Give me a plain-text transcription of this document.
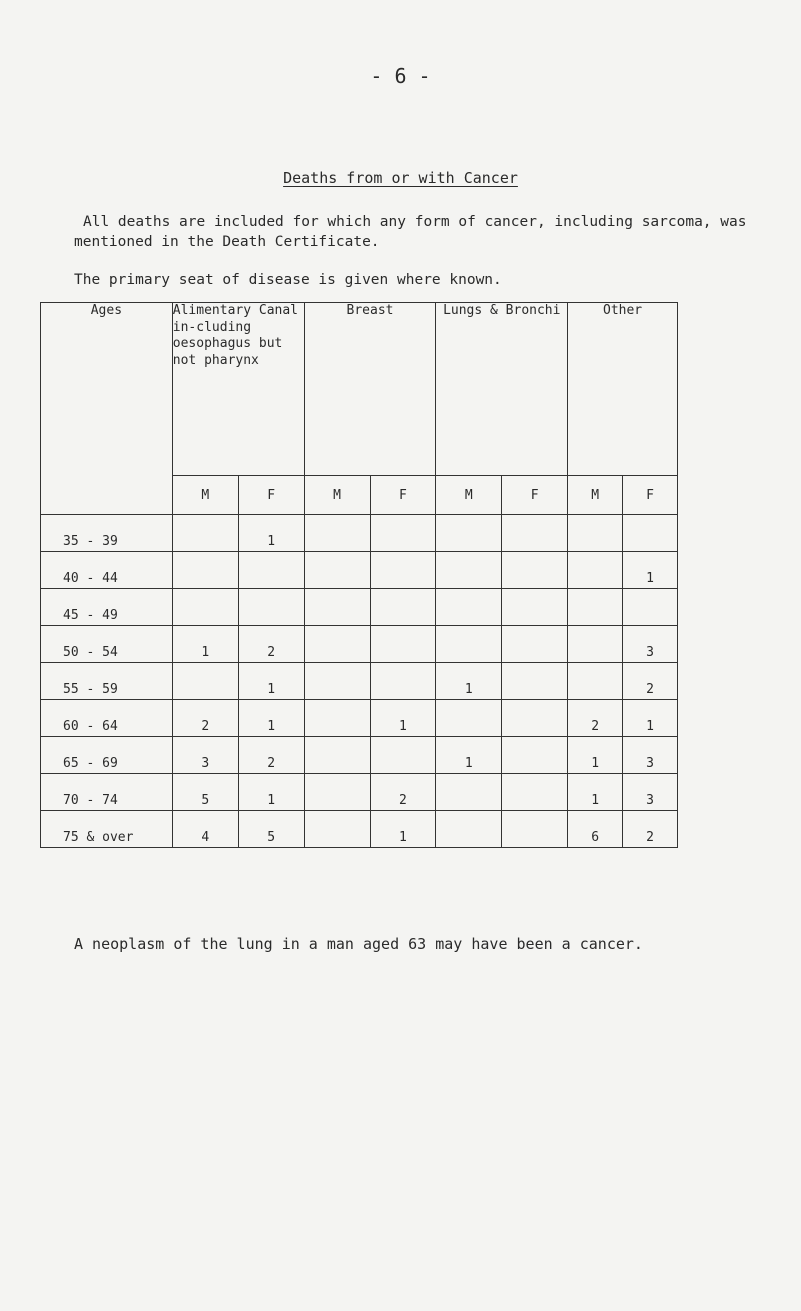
- 6 -
Deaths from or with Cancer

All deaths are included for which any form of cancer, including sarcoma, was mentioned in the Death Certificate.

The primary seat of disease is given where known.

Ages	Alimentary Canal in-cluding oesophagus but not pharynx		Breast		Lungs & Bronchi		Other	
	M	F	M	F	M	F	M	F
35 - 39		1						
40 - 44								1
45 - 49								
50 - 54	1	2						3
55 - 59		1			1			2
60 - 64	2	1		1			2	1
65 - 69	3	2			1		1	3
70 - 74	5	1		2			1	3
75 & over	4	5		1			6	2

A neoplasm of the lung in a man aged 63 may have been a cancer.
